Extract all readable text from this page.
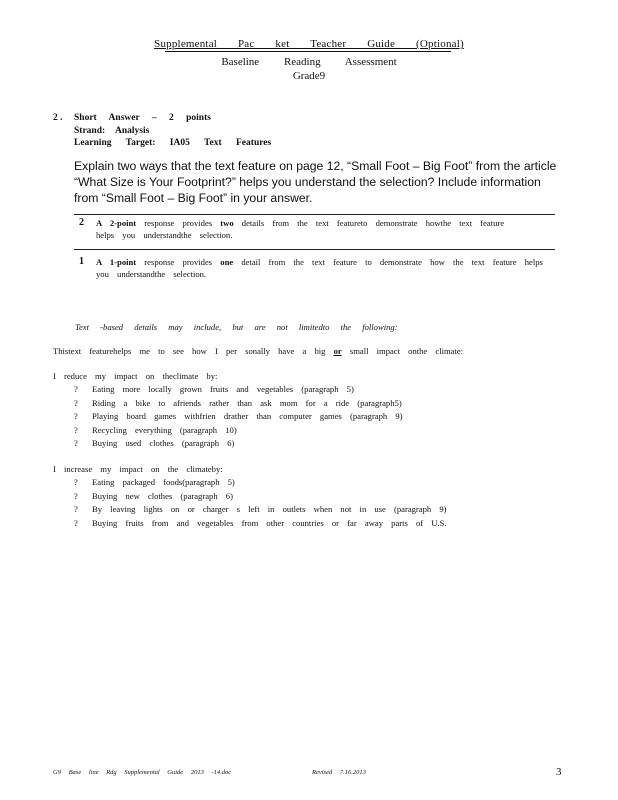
Supplemental Pac ket Teacher Guide (Optional)
Baseline Reading Assessment
Grade9
2 . Short Answer – 2 points
Strand: Analysis
Learning Target: IA05 Text Features
Explain two ways that the text feature on page 12, “Small Foot – Big Foot” from the article “What Size is Your Footprint?” helps you understand the selection? Include information from “Small Foot – Big Foot” in your answer.
2 A 2-point response provides two details from the text featureto demonstrate howthe text feature
helps you understandthe selection.
1 A 1-point response provides one detail from the text feature to demonstrate how the text feature helps
you understandthe selection.
Text -based details may include, but are not limitedto the following:
Thistext featurehelps me to see how I per sonally have a big or small impact onthe climate:
I reduce my impact on theclimate by:
? Eating more locally grown fruits and vegetables (paragraph 5)
? Riding a bike to afriends rather than ask mom for a ride (paragraph5)
? Playing board games withfrien drather than computer games (paragraph 9)
? Recycling everything (paragraph 10)
? Buying used clothes (paragraph 6)
I increase my impact on the climateby:
? Eating packaged foods(paragraph 5)
? Buying new clothes (paragraph 6)
? By leaving lights on or charger s left in outlets when not in use (paragraph 9)
? Buying fruits from and vegetables from other countries or far away parts of U.S.
G9 Base line Rdg Supplemental Guide 2013 -14.doc	Revised 7.16.2013	3
